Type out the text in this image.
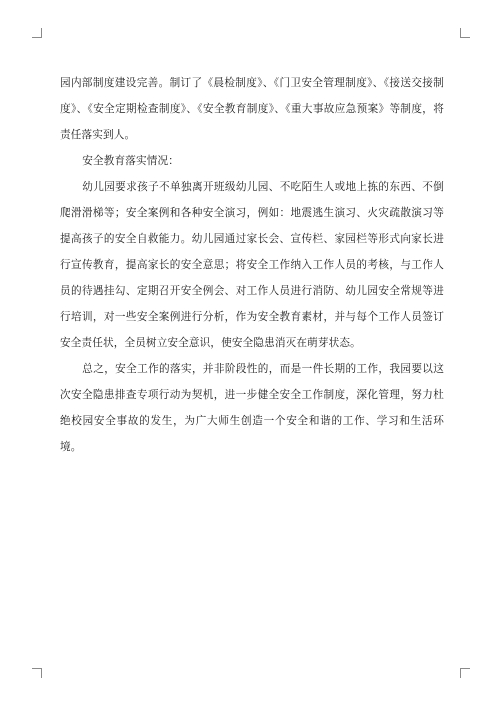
园内部制度建设完善。制订了《晨检制度》、《门卫安全管理制度》、《接送交接制度》、《安全定期检查制度》、《安全教育制度》、《重大事故应急预案》等制度，将责任落实到人。

安全教育落实情况：

幼儿园要求孩子不单独离开班级幼儿园、不吃陌生人或地上拣的东西、不倒爬滑滑梯等；安全案例和各种安全演习，例如：地震逃生演习、火灾疏散演习等提高孩子的安全自救能力。幼儿园通过家长会、宣传栏、家园栏等形式向家长进行宣传教育，提高家长的安全意思；将安全工作纳入工作人员的考核，与工作人员的待遇挂勾、定期召开安全例会、对工作人员进行消防、幼儿园安全常规等进行培训，对一些安全案例进行分析，作为安全教育素材，并与每个工作人员签订安全责任状，全员树立安全意识，使安全隐患消灭在萌芽状态。

总之，安全工作的落实，并非阶段性的，而是一件长期的工作，我园要以这次安全隐患排查专项行动为契机，进一步健全安全工作制度，深化管理，努力杜绝校园安全事故的发生，为广大师生创造一个安全和谐的工作、学习和生活环境。
